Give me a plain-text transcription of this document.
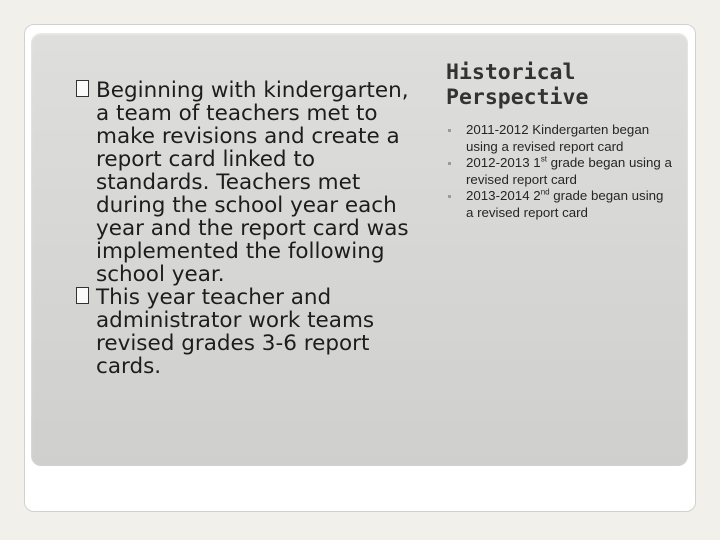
Beginning with kindergarten, a team of teachers met to make revisions and create a report card linked to standards. Teachers met during the school year each year and the report card was implemented the following school year.

This year teacher and administrator work teams revised grades 3-6 report cards.

Historical
Perspective
2011-2012 Kindergarten began using a revised report card
2012-2013 1st grade began using a revised report card
2013-2014 2nd grade began using a revised report card
